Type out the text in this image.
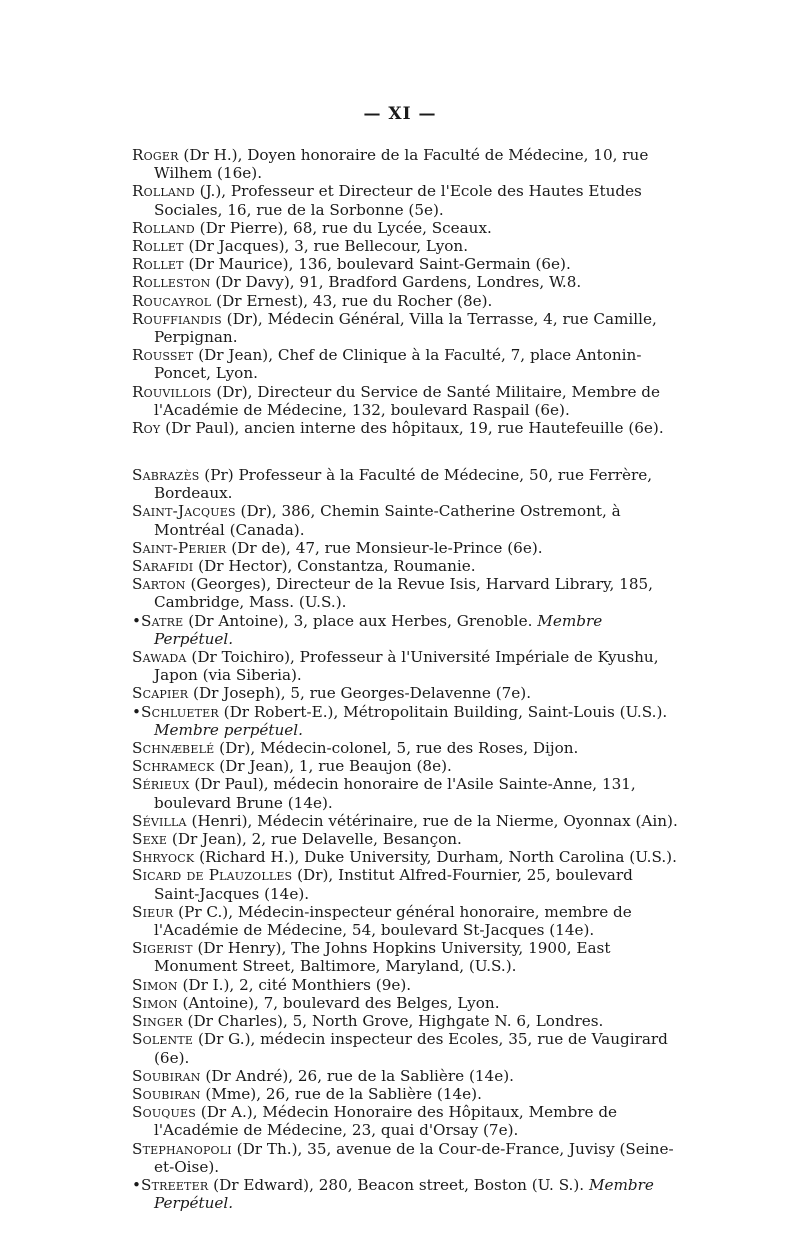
— XI —

Roger (Dr H.), Doyen honoraire de la Faculté de Médecine, 10, rue Wilhem (16e).

Rolland (J.), Professeur et Directeur de l'Ecole des Hautes Etudes Sociales, 16, rue de la Sorbonne (5e).

Rolland (Dr Pierre), 68, rue du Lycée, Sceaux.

Rollet (Dr Jacques), 3, rue Bellecour, Lyon.

Rollet (Dr Maurice), 136, boulevard Saint-Germain (6e).

Rolleston (Dr Davy), 91, Bradford Gardens, Londres, W.8.

Roucayrol (Dr Ernest), 43, rue du Rocher (8e).

Rouffiandis (Dr), Médecin Général, Villa la Terrasse, 4, rue Camille, Perpignan.

Rousset (Dr Jean), Chef de Clinique à la Faculté, 7, place Antonin-Poncet, Lyon.

Rouvillois (Dr), Directeur du Service de Santé Militaire, Membre de l'Académie de Médecine, 132, boulevard Raspail (6e).

Roy (Dr Paul), ancien interne des hôpitaux, 19, rue Hautefeuille (6e).

Sabrazès (Pr) Professeur à la Faculté de Médecine, 50, rue Ferrère, Bordeaux.

Saint-Jacques (Dr), 386, Chemin Sainte-Catherine Ostremont, à Montréal (Canada).

Saint-Perier (Dr de), 47, rue Monsieur-le-Prince (6e).

Sarafidi (Dr Hector), Constantza, Roumanie.

Sarton (Georges), Directeur de la Revue Isis, Harvard Library, 185, Cambridge, Mass. (U.S.).

•Satre (Dr Antoine), 3, place aux Herbes, Grenoble. Membre Perpétuel.

Sawada (Dr Toichiro), Professeur à l'Université Impériale de Kyushu, Japon (via Siberia).

Scapier (Dr Joseph), 5, rue Georges-Delavenne (7e).

•Schlueter (Dr Robert-E.), Métropolitain Building, Saint-Louis (U.S.). Membre perpétuel.

Schnæbelé (Dr), Médecin-colonel, 5, rue des Roses, Dijon.

Schrameck (Dr Jean), 1, rue Beaujon (8e).

Sérieux (Dr Paul), médecin honoraire de l'Asile Sainte-Anne, 131, boulevard Brune (14e).

Sévilla (Henri), Médecin vétérinaire, rue de la Nierme, Oyonnax (Ain).

Sexe (Dr Jean), 2, rue Delavelle, Besançon.

Shryock (Richard H.), Duke University, Durham, North Carolina (U.S.).

Sicard de Plauzolles (Dr), Institut Alfred-Fournier, 25, boulevard Saint-Jacques (14e).

Sieur (Pr C.), Médecin-inspecteur général honoraire, membre de l'Académie de Médecine, 54, boulevard St-Jacques (14e).

Sigerist (Dr Henry), The Johns Hopkins University, 1900, East Monument Street, Baltimore, Maryland, (U.S.).

Simon (Dr I.), 2, cité Monthiers (9e).

Simon (Antoine), 7, boulevard des Belges, Lyon.

Singer (Dr Charles), 5, North Grove, Highgate N. 6, Londres.

Solente (Dr G.), médecin inspecteur des Ecoles, 35, rue de Vaugirard (6e).

Soubiran (Dr André), 26, rue de la Sablière (14e).

Soubiran (Mme), 26, rue de la Sablière (14e).

Souques (Dr A.), Médecin Honoraire des Hôpitaux, Membre de l'Académie de Médecine, 23, quai d'Orsay (7e).

Stephanopoli (Dr Th.), 35, avenue de la Cour-de-France, Juvisy (Seine-et-Oise).

•Streeter (Dr Edward), 280, Beacon street, Boston (U. S.). Membre Perpétuel.
